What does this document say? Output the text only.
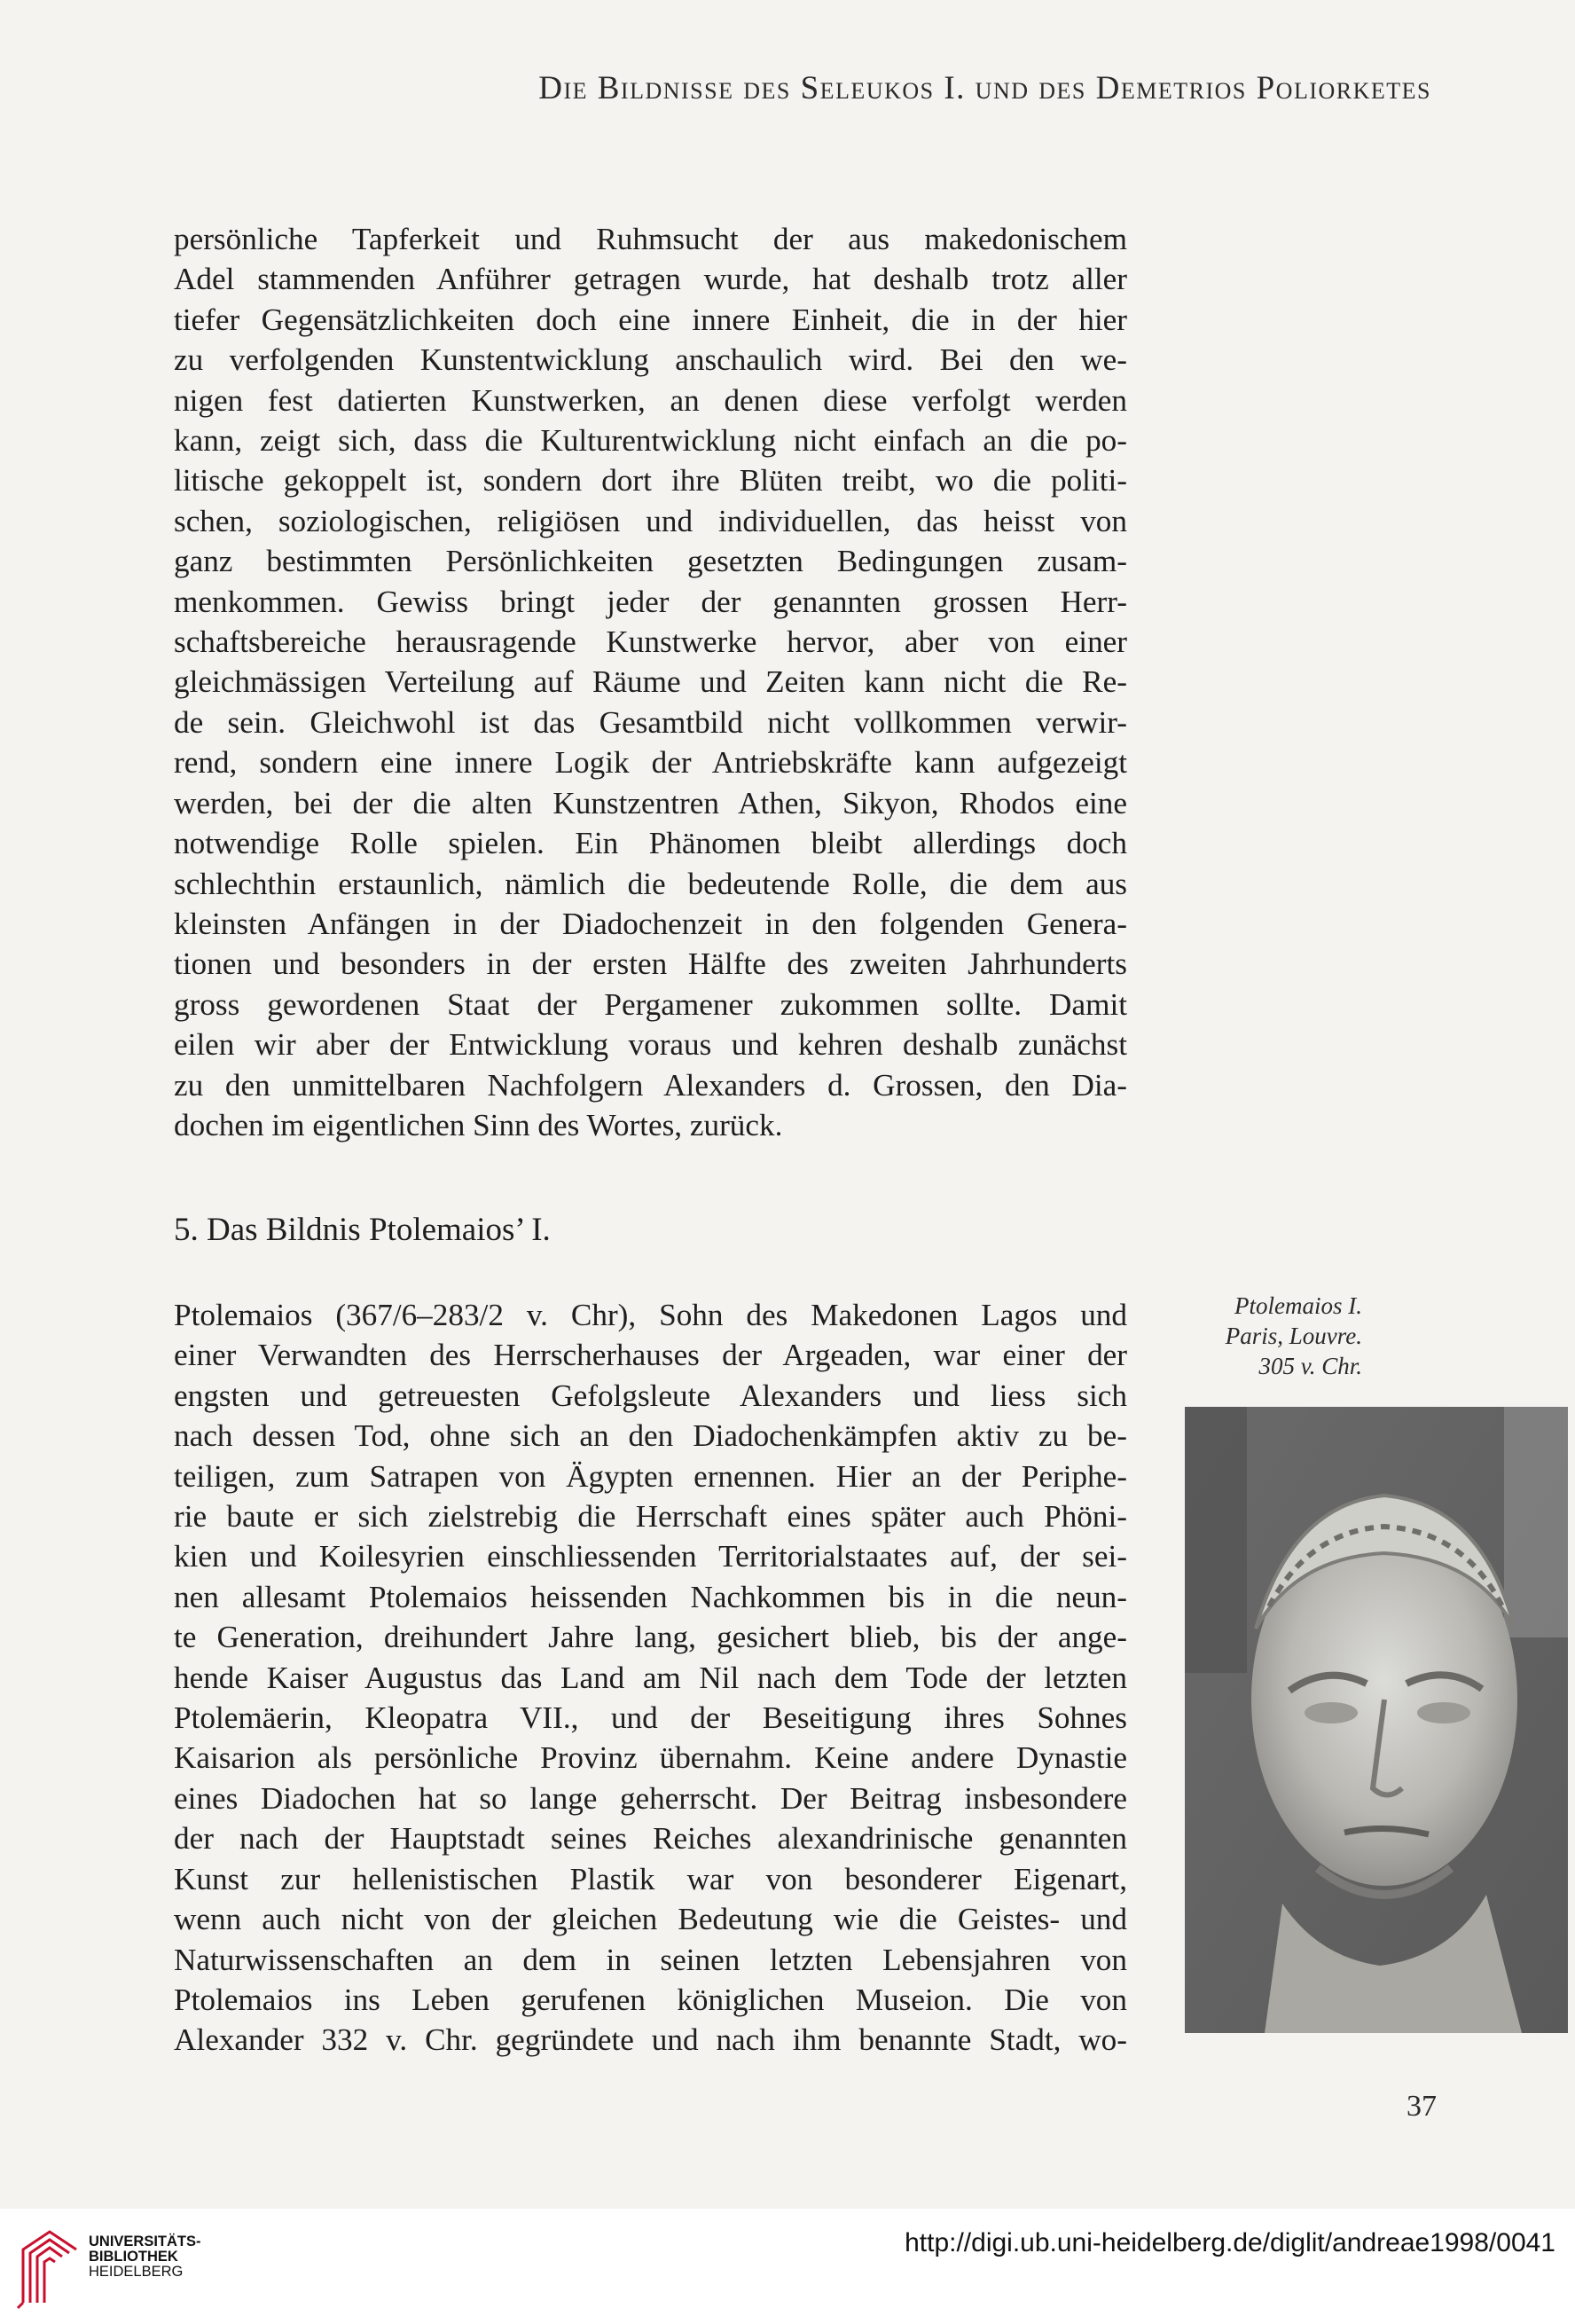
Die Bildnisse des Seleukos I. und des Demetrios Poliorketes
persönliche Tapferkeit und Ruhmsucht der aus makedonischem
Adel stammenden Anführer getragen wurde, hat deshalb trotz aller
tiefer Gegensätzlichkeiten doch eine innere Einheit, die in der hier
zu verfolgenden Kunstentwicklung anschaulich wird. Bei den we-
nigen fest datierten Kunstwerken, an denen diese verfolgt werden
kann, zeigt sich, dass die Kulturentwicklung nicht einfach an die po-
litische gekoppelt ist, sondern dort ihre Blüten treibt, wo die politi-
schen, soziologischen, religiösen und individuellen, das heisst von
ganz bestimmten Persönlichkeiten gesetzten Bedingungen zusam-
menkommen. Gewiss bringt jeder der genannten grossen Herr-
schaftsbereiche herausragende Kunstwerke hervor, aber von einer
gleichmässigen Verteilung auf Räume und Zeiten kann nicht die Re-
de sein. Gleichwohl ist das Gesamtbild nicht vollkommen verwir-
rend, sondern eine innere Logik der Antriebskräfte kann aufgezeigt
werden, bei der die alten Kunstzentren Athen, Sikyon, Rhodos eine
notwendige Rolle spielen. Ein Phänomen bleibt allerdings doch
schlechthin erstaunlich, nämlich die bedeutende Rolle, die dem aus
kleinsten Anfängen in der Diadochenzeit in den folgenden Genera-
tionen und besonders in der ersten Hälfte des zweiten Jahrhunderts
gross gewordenen Staat der Pergamener zukommen sollte. Damit
eilen wir aber der Entwicklung voraus und kehren deshalb zunächst
zu den unmittelbaren Nachfolgern Alexanders d. Grossen, den Dia-
dochen im eigentlichen Sinn des Wortes, zurück.
5. Das Bildnis Ptolemaios’ I.
Ptolemaios (367/6–283/2 v. Chr), Sohn des Makedonen Lagos und
einer Verwandten des Herrscherhauses der Argeaden, war einer der
engsten und getreuesten Gefolgsleute Alexanders und liess sich
nach dessen Tod, ohne sich an den Diadochenkämpfen aktiv zu be-
teiligen, zum Satrapen von Ägypten ernennen. Hier an der Periphe-
rie baute er sich zielstrebig die Herrschaft eines später auch Phöni-
kien und Koilesyrien einschliessenden Territorialstaates auf, der sei-
nen allesamt Ptolemaios heissenden Nachkommen bis in die neun-
te Generation, dreihundert Jahre lang, gesichert blieb, bis der ange-
hende Kaiser Augustus das Land am Nil nach dem Tode der letzten
Ptolemäerin, Kleopatra VII., und der Beseitigung ihres Sohnes
Kaisarion als persönliche Provinz übernahm. Keine andere Dynastie
eines Diadochen hat so lange geherrscht. Der Beitrag insbesondere
der nach der Hauptstadt seines Reiches alexandrinische genannten
Kunst zur hellenistischen Plastik war von besonderer Eigenart,
wenn auch nicht von der gleichen Bedeutung wie die Geistes- und
Naturwissenschaften an dem in seinen letzten Lebensjahren von
Ptolemaios ins Leben gerufenen königlichen Museion. Die von
Alexander 332 v. Chr. gegründete und nach ihm benannte Stadt, wo-
Ptolemaios I.
Paris, Louvre.
305 v. Chr.
37
UNIVERSITÄTS-
BIBLIOTHEK
HEIDELBERG
http://digi.ub.uni-heidelberg.de/diglit/andreae1998/0041
